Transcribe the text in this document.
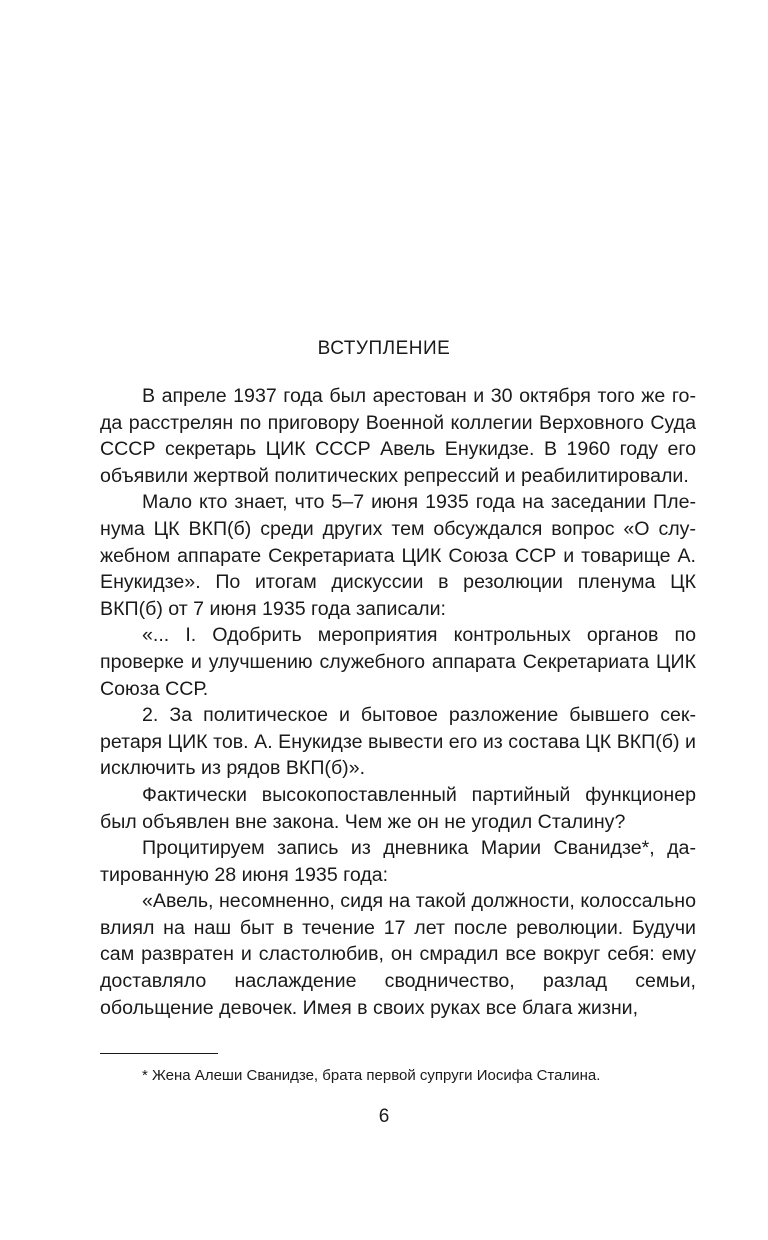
ВСТУПЛЕНИЕ

В апреле 1937 года был арестован и 30 октября того же года расстрелян по приговору Военной коллегии Верховного Суда СССР секретарь ЦИК СССР Авель Енукидзе. В 1960 году его объявили жертвой политических репрессий и реабилитировали.

Мало кто знает, что 5–7 июня 1935 года на заседании Пленума ЦК ВКП(б) среди других тем обсуждался вопрос «О служебном аппарате Секретариата ЦИК Союза ССР и товарище А. Енукидзе». По итогам дискуссии в резолюции пленума ЦК ВКП(б) от 7 июня 1935 года записали:

«... I. Одобрить мероприятия контрольных органов по проверке и улучшению служебного аппарата Секретариата ЦИК Союза ССР.

2. За политическое и бытовое разложение бывшего секретаря ЦИК тов. А. Енукидзе вывести его из состава ЦК ВКП(б) и исключить из рядов ВКП(б)».

Фактически высокопоставленный партийный функционер был объявлен вне закона. Чем же он не угодил Сталину?

Процитируем запись из дневника Марии Сванидзе*, датированную 28 июня 1935 года:

«Авель, несомненно, сидя на такой должности, колоссально влиял на наш быт в течение 17 лет после революции. Будучи сам развратен и сластолюбив, он смрадил все вокруг себя: ему доставляло наслаждение сводничество, разлад семьи, обольщение девочек. Имея в своих руках все блага жизни,

* Жена Алеши Сванидзе, брата первой супруги Иосифа Сталина.

6
